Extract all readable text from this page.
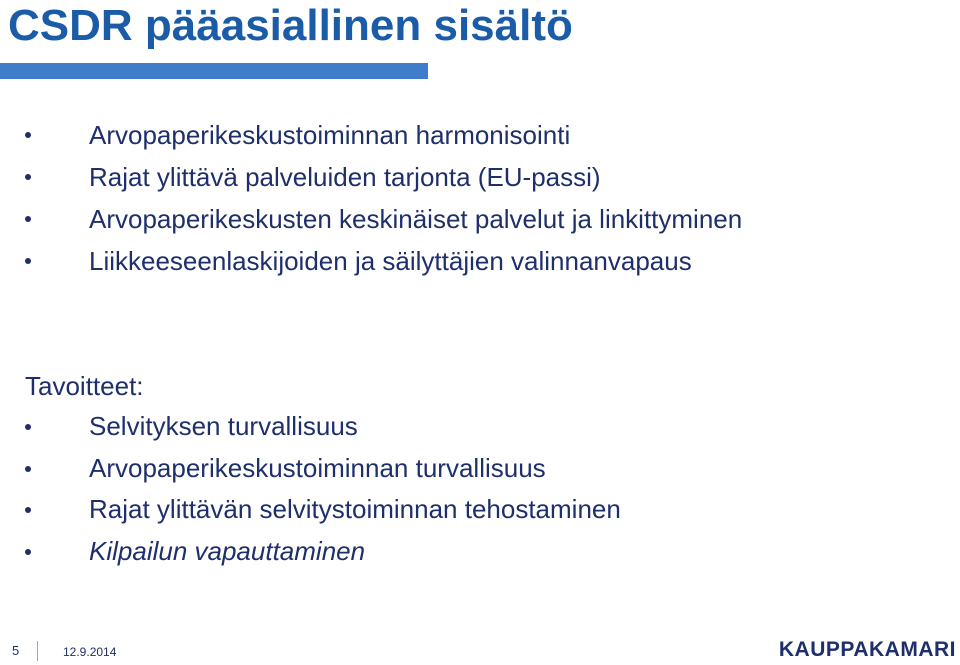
CSDR pääasiallinen sisältö
Arvopaperikeskustoiminnan harmonisointi
Rajat ylittävä palveluiden tarjonta (EU-passi)
Arvopaperikeskusten keskinäiset palvelut ja linkittyminen
Liikkeeseenlaskijoiden ja säilyttäjien valinnanvapaus
Tavoitteet:
Selvityksen turvallisuus
Arvopaperikeskustoiminnan turvallisuus
Rajat ylittävän selvitystoiminnan tehostaminen
Kilpailun vapauttaminen
5	12.9.2014	KAUPPAKAMARI
